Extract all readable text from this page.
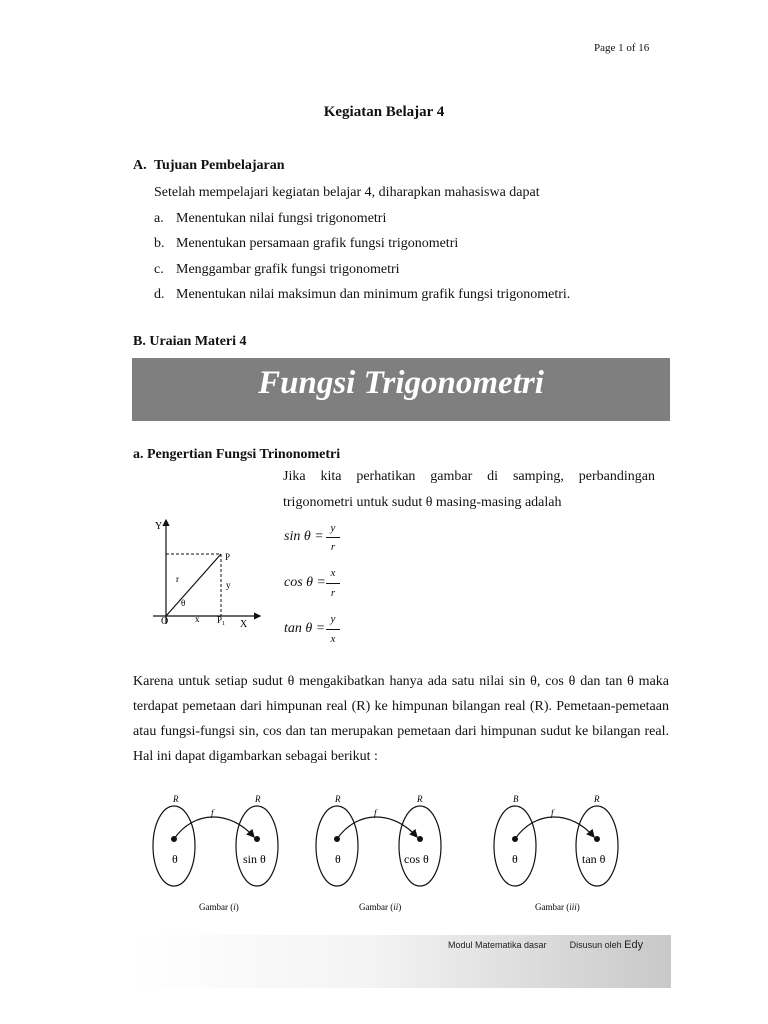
Page 1 of 16
Kegiatan Belajar 4
A. Tujuan Pembelajaran
Setelah mempelajari kegiatan belajar 4, diharapkan mahasiswa dapat
a. Menentukan nilai fungsi trigonometri
b. Menentukan persamaan grafik fungsi trigonometri
c. Menggambar grafik fungsi trigonometri
d. Menentukan nilai maksimun dan minimum grafik fungsi trigonometri.
B. Uraian Materi 4
Fungsi Trigonometri
a. Pengertian Fungsi Trinonometri
Jika kita perhatikan gambar di samping, perbandingan
trigonometri untuk sudut θ masing-masing adalah
Y
X
O
P
$P_1$
r
y
x
θ
sin θ =
y
r
cos θ =
x
r
tan θ =
y
x
Karena untuk setiap sudut θ mengakibatkan hanya ada satu nilai sin θ, cos θ dan tan θ maka
terdapat pemetaan dari himpunan real (R) ke himpunan bilangan real (R). Pemetaan-pemetaan
atau fungsi-fungsi sin, cos dan tan merupakan pemetaan dari himpunan sudut ke bilangan real.
Hal ini dapat digambarkan sebagai berikut :
R	R
f
θ	sin θ
Gambar (i)
R	R
f
θ	cos θ
Gambar (ii)
B	R
f
θ	tan θ
Gambar (iii)
Modul Matematika dasar	Disusun oleh Edy
